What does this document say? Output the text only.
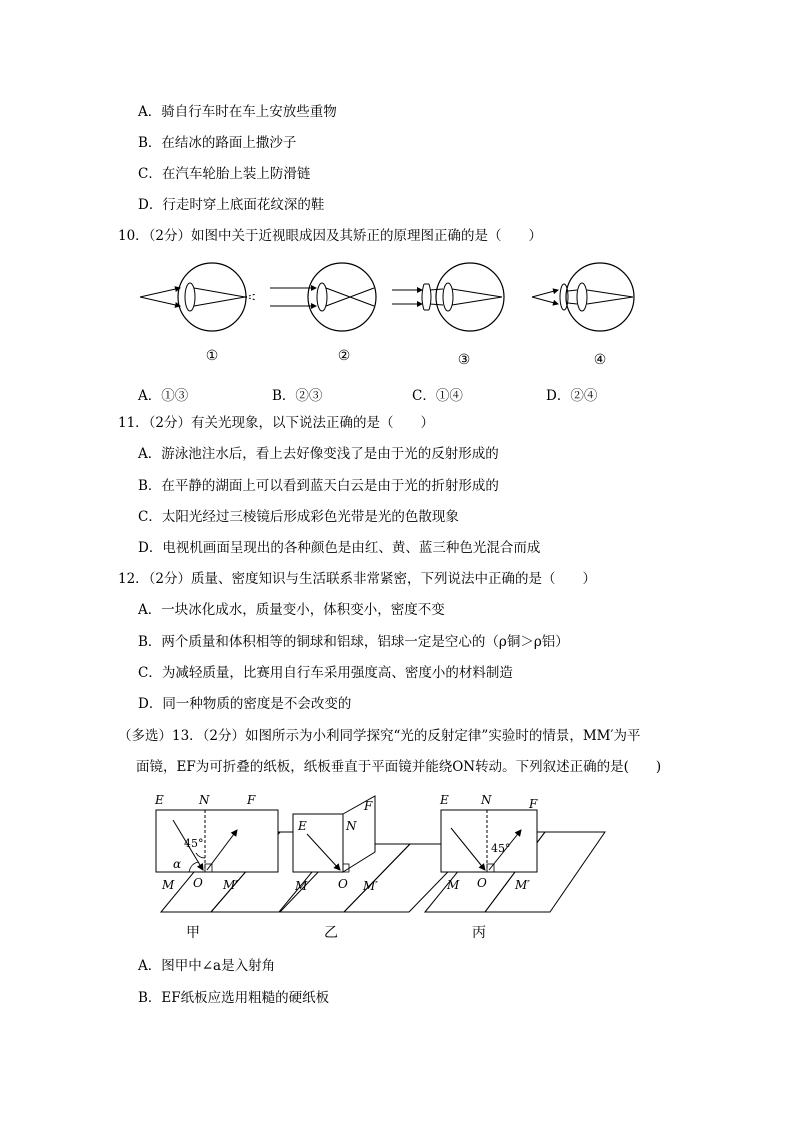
A．骑自行车时在车上安放些重物
B．在结冰的路面上撒沙子
C．在汽车轮胎上装上防滑链
D．行走时穿上底面花纹深的鞋
10．（2分）如图中关于近视眼成因及其矫正的原理图正确的是（　　）
①	②	③	④
A．①③	B．②③	C．①④	D．②④
11．（2分）有关光现象，以下说法正确的是（　　）
A．游泳池注水后，看上去好像变浅了是由于光的反射形成的
B．在平静的湖面上可以看到蓝天白云是由于光的折射形成的
C．太阳光经过三棱镜后形成彩色光带是光的色散现象
D．电视机画面呈现出的各种颜色是由红、黄、蓝三种色光混合而成
12．（2分）质量、密度知识与生活联系非常紧密，下列说法中正确的是（　　）
A．一块冰化成水，质量变小，体积变小，密度不变
B．两个质量和体积相等的铜球和铝球，铝球一定是空心的（ρ铜＞ρ铝）
C．为减轻质量，比赛用自行车采用强度高、密度小的材料制造
D．同一种物质的密度是不会改变的
（多选）13．（2分）如图所示为小利同学探究“光的反射定律”实验时的情景，MM′为平
面镜，EF为可折叠的纸板，纸板垂直于平面镜并能绕ON转动。下列叙述正确的是(　　)
E	N	F
45°
α
M O M′
E	N
F
M	O M′
E	N	F
45°
M O M′
甲	乙	丙
A．图甲中∠a是入射角
B．EF纸板应选用粗糙的硬纸板
